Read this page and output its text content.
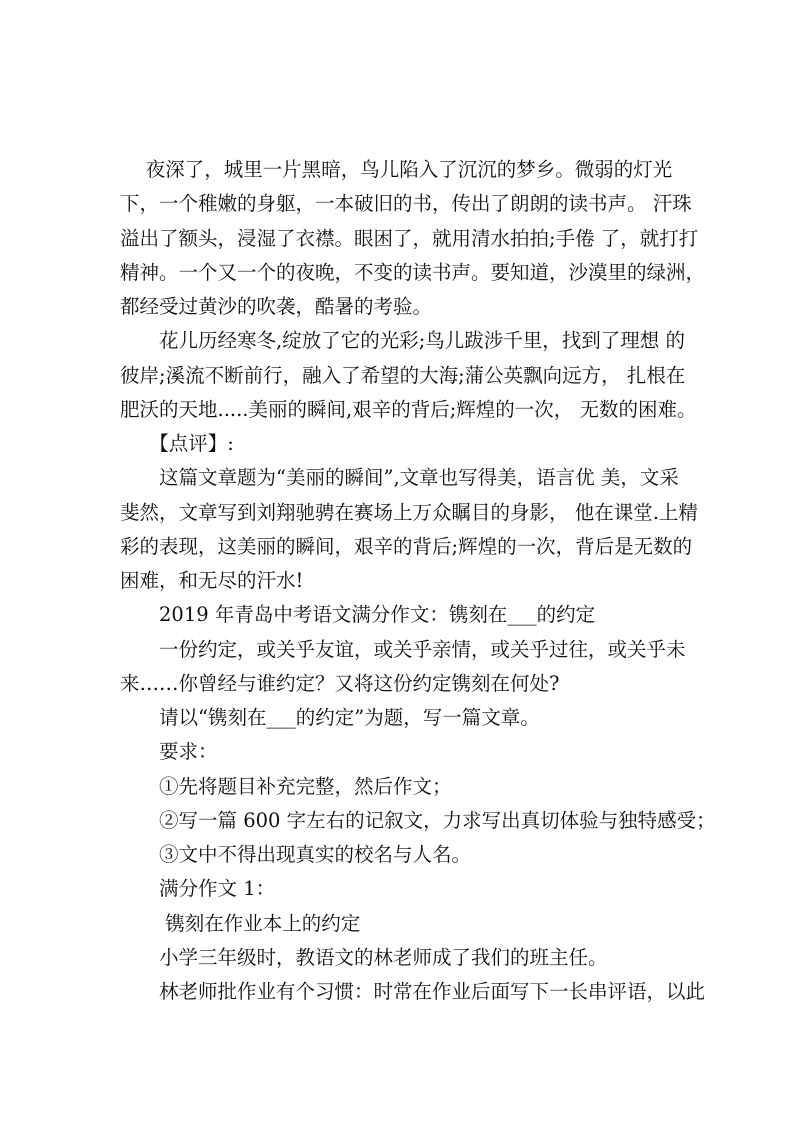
　 夜深了，城里一片黑暗，鸟儿陷入了沉沉的梦乡。微弱的灯光

下，一个稚嫩的身躯，一本破旧的书，传出了朗朗的读书声。 汗珠

溢出了额头，浸湿了衣襟。眼困了，就用清水拍拍;手倦 了，就打打

精神。一个又一个的夜晚，不变的读书声。要知道，沙漠里的绿洲，

都经受过黄沙的吹袭，酷暑的考验。

　　花儿历经寒冬,绽放了它的光彩;鸟儿跋涉千里，找到了理想 的

彼岸;溪流不断前行，融入了希望的大海;蒲公英飘向远方， 扎根在

肥沃的天地.....美丽的瞬间,艰辛的背后;辉煌的一次， 无数的困难。

　　【点评】:

　　这篇文章题为“美丽的瞬间”,文章也写得美，语言优 美，文采

斐然，文章写到刘翔驰骋在赛场上万众瞩目的身影， 他在课堂.上精

彩的表现，这美丽的瞬间，艰辛的背后;辉煌的一次，背后是无数的

困难，和无尽的汗水!

　　2019 年青岛中考语文满分作文：镌刻在___的约定

　　一份约定，或关乎友谊，或关乎亲情，或关乎过往，或关乎未

来……你曾经与谁约定？又将这份约定镌刻在何处?

　　请以“镌刻在___的约定”为题，写一篇文章。

　　要求：

　　①先将题目补充完整，然后作文；

　　②写一篇 600 字左右的记叙文，力求写出真切体验与独特感受；

　　③文中不得出现真实的校名与人名。

　　满分作文 1：

　　 镌刻在作业本上的约定

　　小学三年级时，教语文的林老师成了我们的班主任。

　　林老师批作业有个习惯：时常在作业后面写下一长串评语，以此
